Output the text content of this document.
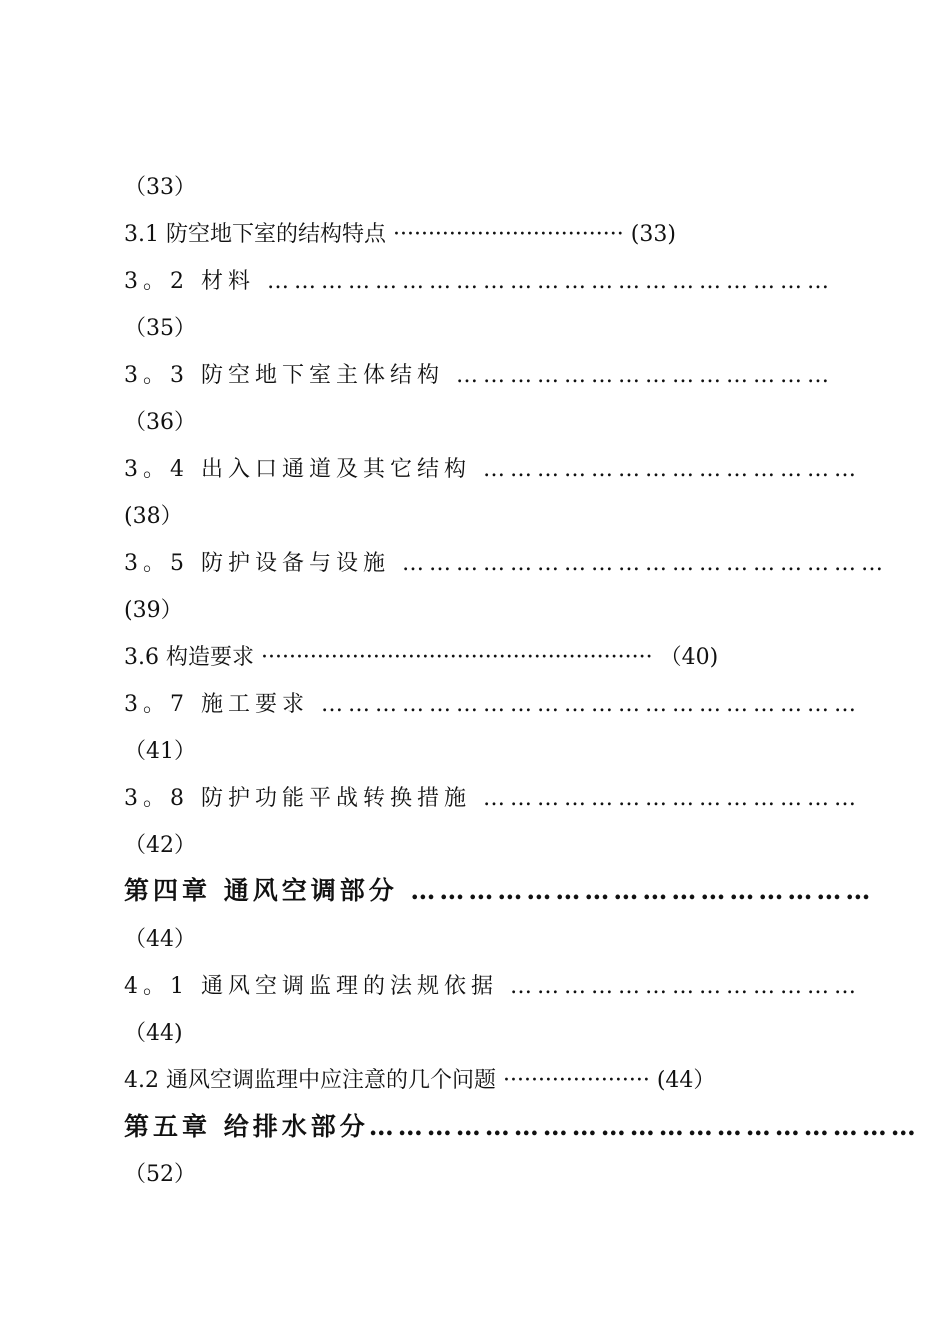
（33）
3.1 防空地下室的结构特点 ································· (33)
3。2 材料 ………………………………………………………
（35）
3。3 防空地下室主体结构 ……………………………………
（36）
3。4 出入口通道及其它结构 ……………………………………
(38）
3。5 防护设备与设施 ………………………………………………
(39）
3.6 构造要求 ························································ （40)
3。7 施工要求 ……………………………………………………
（41）
3。8 防护功能平战转换措施 ……………………………………
（42）
第四章 通风空调部分 …………………………………………
（44）
4。1 通风空调监理的法规依据 …………………………………
（44)
4.2 通风空调监理中应注意的几个问题 ····················· (44）
第五章 给排水部分…………………………………………………
（52）
